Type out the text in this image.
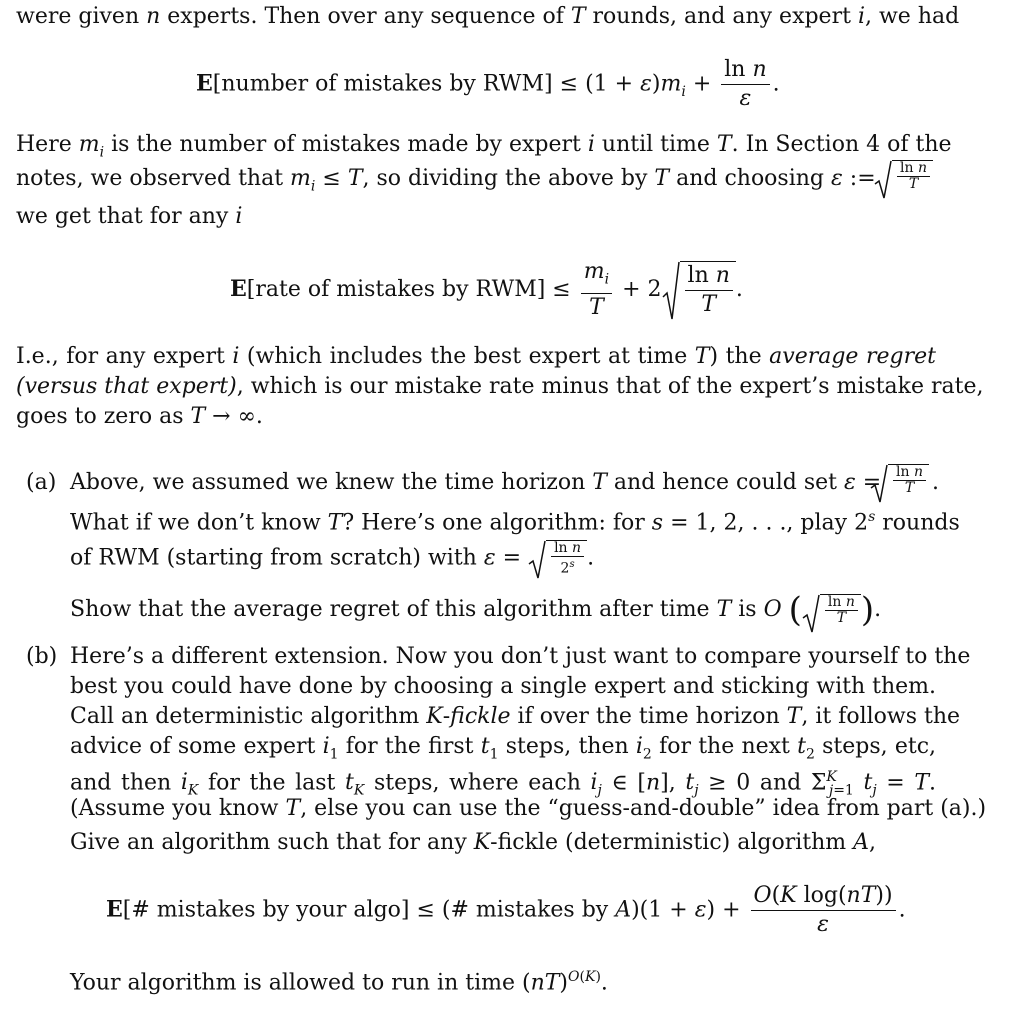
were given n experts. Then over any sequence of T rounds, and any expert i, we had
E[number of mistakes by $RWM] \le (1 + \varepsilon)m_i + \frac{\text{ln n}}{\varepsilon}$ .
Here $m_i$ is the number of mistakes made by expert i until time T. In Section 4 of the
notes, we observed that $m_i \le T$, so dividing the above by T and choosing ε := $\frac{\text{ln n}}{T}$
we get that for any i
E[rate of mistakes by $RWM] \le \frac{m_i}{T} + 2 \frac{\text{ln n}}{T}$ .
I.e., for any expert i (which includes the best expert at time T) the average regret
(versus that expert), which is our mistake rate minus that of the expert’s mistake rate,
goes to zero as T → ∞.
(a) Above, we assumed we knew the time horizon T and hence could set $\varepsilon = \frac{\text{ln n}}{T}$ .
What if we don’t know T? Here’s one algorithm: for s = 1, 2, . . ., play 2$^s$ rounds
of RWM (starting from scratch) with $\varepsilon = \frac{\text{ln n}}{2^s}$ .
Show that the average regret of this algorithm after time T is O ( $\frac{\text{ln n}}{T}$ ).
(b) Here’s a different extension. Now you don’t just want to compare yourself to the
best you could have done by choosing a single expert and sticking with them.
Call an deterministic algorithm K-fickle if over the time horizon T, it follows the
advice of some expert $i_1$ for the first $t_1$ steps, then $i_2$ for the next $t_2$ steps, etc,
and then $i_K$ for the last $t_K$ steps, where each $i_j$ ∈ [n], $t_j \ge 0$ and $\Sigma^K_{j=1}$ $t_j = T$.
(Assume you know T, else you can use the “guess-and-double” idea from part (a).)
Give an algorithm such that for any K-fickle (deterministic) algorithm A,
E[# mistakes by your algo] ≤ (# mistakes by $A)(1 + \varepsilon) + \frac{\text{O(K log(nT))}}{\varepsilon}$ .
Your algorithm is allowed to run in time (nT)$^{O(K)}$.
